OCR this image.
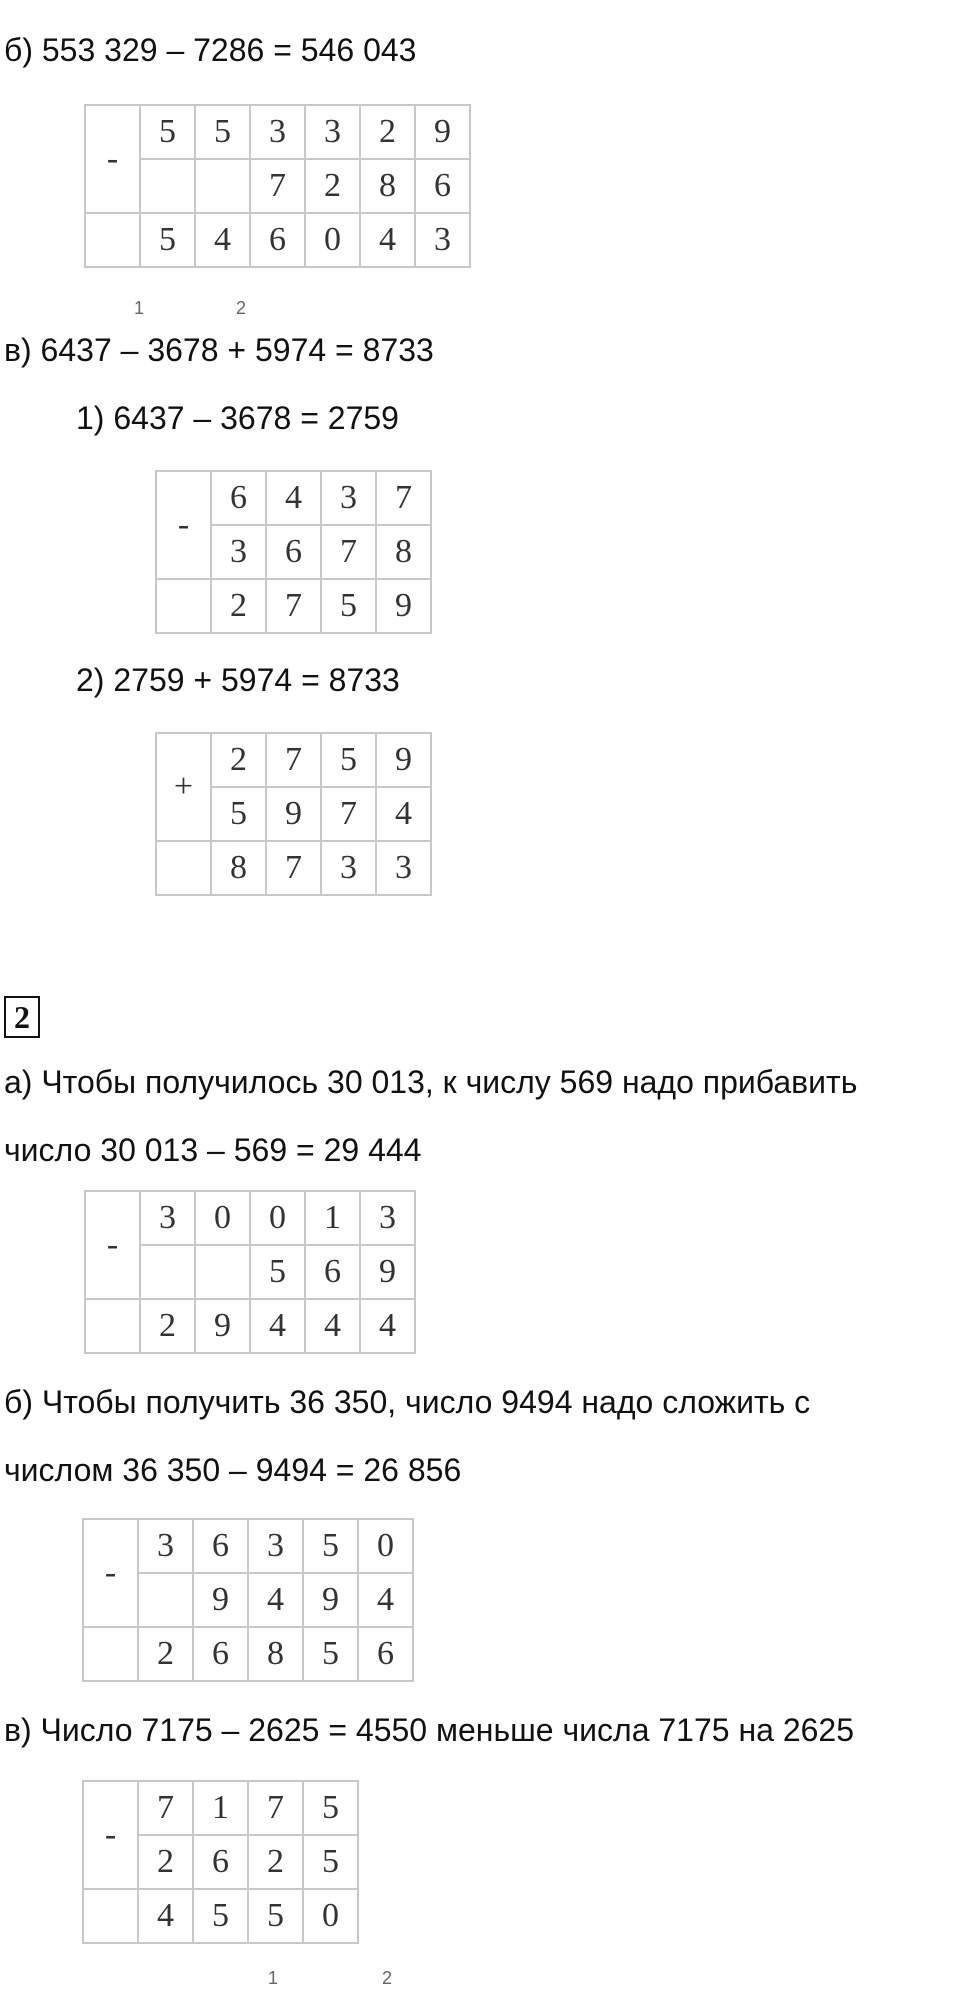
б) 553 329 – 7286 = 546 043
-	5	5	3	3	2	9
			7	2	8	6
	5	4	6	0	4	3
1	2
в) 6437 – 3678 + 5974 = 8733
1) 6437 – 3678 = 2759
-	6	4	3	7
	3	6	7	8
	2	7	5	9
2) 2759 + 5974 = 8733
+	2	7	5	9
	5	9	7	4
	8	7	3	3
2
а) Чтобы получилось 30 013, к числу 569 надо прибавить
число 30 013 – 569 = 29 444
-	3	0	0	1	3
			5	6	9
	2	9	4	4	4
б) Чтобы получить 36 350, число 9494 надо сложить с
числом 36 350 – 9494 = 26 856
-	3	6	3	5	0
		9	4	9	4
	2	6	8	5	6
в) Число 7175 – 2625 = 4550 меньше числа 7175 на 2625
-	7	1	7	5
	2	6	2	5
	4	5	5	0
1	2
